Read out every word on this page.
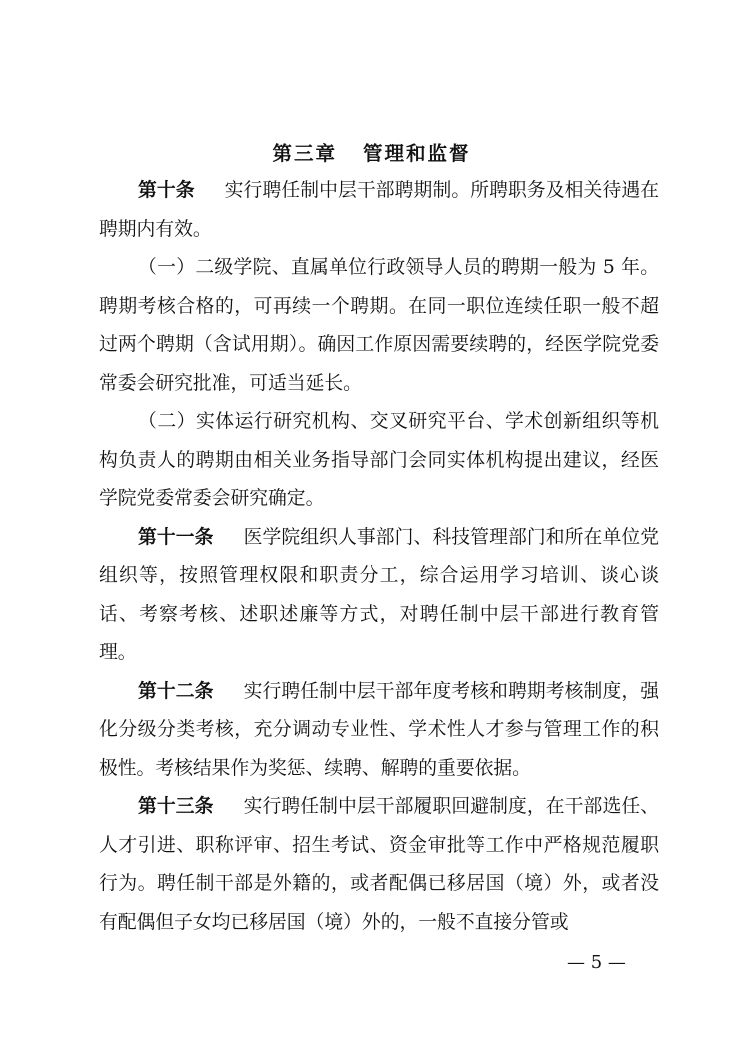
第三章 管理和监督

第十条 实行聘任制中层干部聘期制。所聘职务及相关待遇在聘期内有效。

（一）二级学院、直属单位行政领导人员的聘期一般为 5 年。聘期考核合格的，可再续一个聘期。在同一职位连续任职一般不超过两个聘期（含试用期）。确因工作原因需要续聘的，经医学院党委常委会研究批准，可适当延长。

（二）实体运行研究机构、交叉研究平台、学术创新组织等机构负责人的聘期由相关业务指导部门会同实体机构提出建议，经医学院党委常委会研究确定。

第十一条 医学院组织人事部门、科技管理部门和所在单位党组织等，按照管理权限和职责分工，综合运用学习培训、谈心谈话、考察考核、述职述廉等方式，对聘任制中层干部进行教育管理。

第十二条 实行聘任制中层干部年度考核和聘期考核制度，强化分级分类考核，充分调动专业性、学术性人才参与管理工作的积极性。考核结果作为奖惩、续聘、解聘的重要依据。

第十三条 实行聘任制中层干部履职回避制度，在干部选任、人才引进、职称评审、招生考试、资金审批等工作中严格规范履职行为。聘任制干部是外籍的，或者配偶已移居国（境）外，或者没有配偶但子女均已移居国（境）外的，一般不直接分管或

— 5 —
